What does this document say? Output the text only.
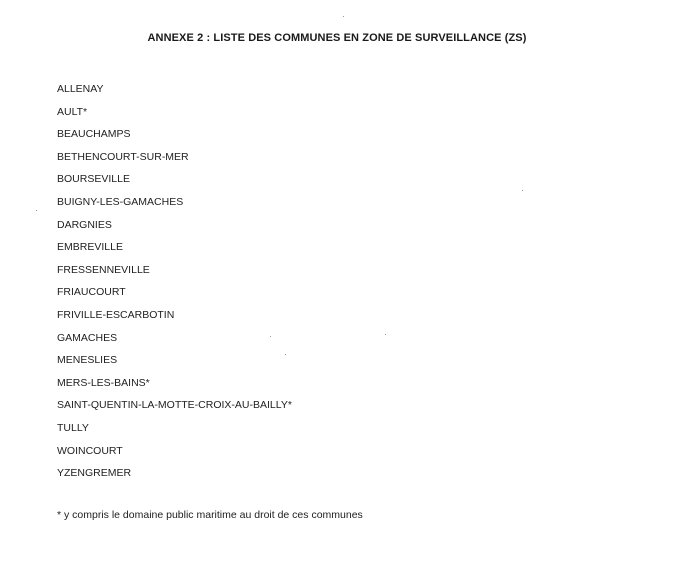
ANNEXE 2 : LISTE DES COMMUNES EN ZONE DE SURVEILLANCE (ZS)
ALLENAY
AULT*
BEAUCHAMPS
BETHENCOURT-SUR-MER
BOURSEVILLE
BUIGNY-LES-GAMACHES
DARGNIES
EMBREVILLE
FRESSENNEVILLE
FRIAUCOURT
FRIVILLE-ESCARBOTIN
GAMACHES
MENESLIES
MERS-LES-BAINS*
SAINT-QUENTIN-LA-MOTTE-CROIX-AU-BAILLY*
TULLY
WOINCOURT
YZENGREMER
* y compris le domaine public maritime au droit de ces communes
